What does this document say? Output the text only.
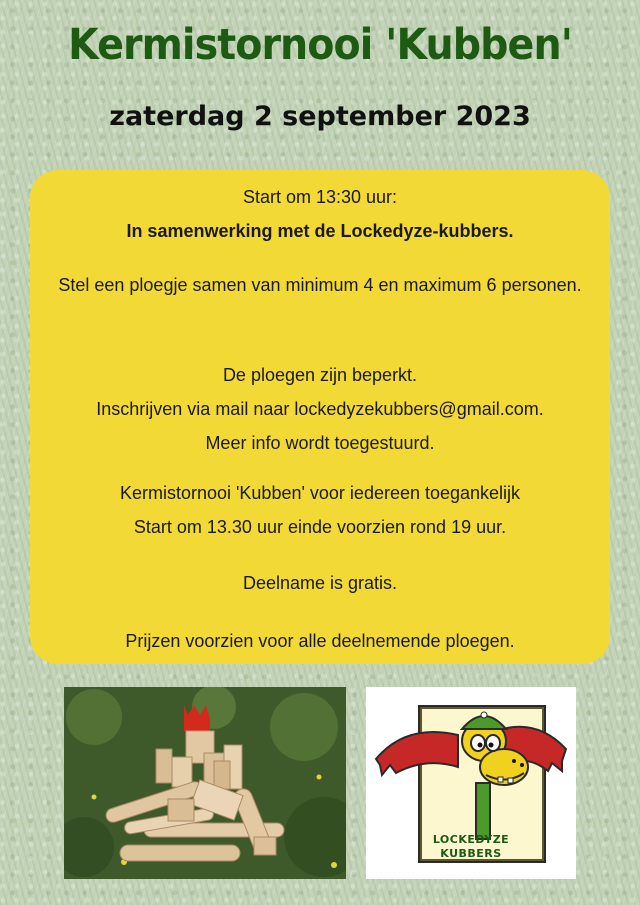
Kermistornooi 'Kubben'
zaterdag 2 september 2023

Start om 13:30 uur:

In samenwerking met de Lockedyze-kubbers.

Stel een ploegje samen van minimum 4 en maximum 6 personen.

De ploegen zijn beperkt.

Inschrijven via mail naar lockedyzekubbers@gmail.com.

Meer info wordt toegestuurd.

Kermistornooi 'Kubben' voor iedereen toegankelijk

Start om 13.30 uur einde voorzien rond 19 uur.

Deelname is gratis.

Prijzen voorzien voor alle deelnemende ploegen.

LOCKEDYZE
KUBBERS
